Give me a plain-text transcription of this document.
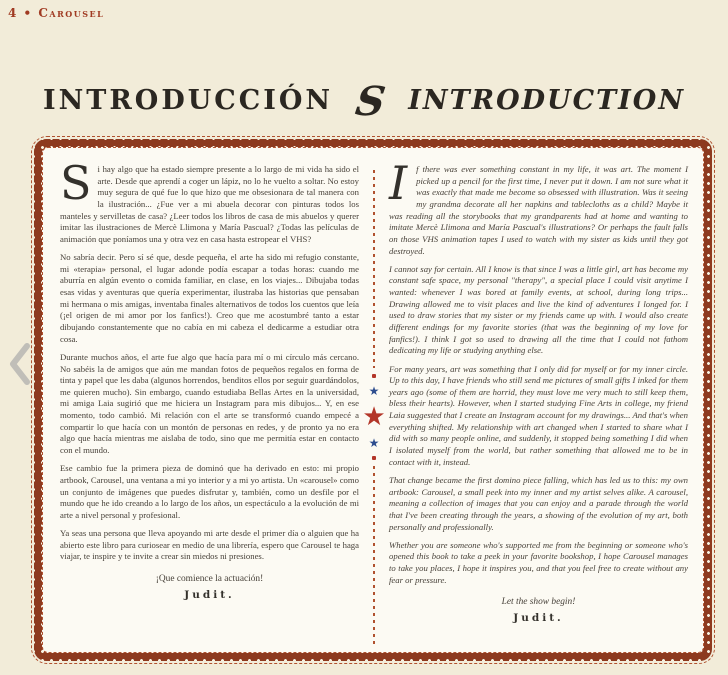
4 • Carousel
INTRODUCCIÓN S INTRODUCTION

Si hay algo que ha estado siempre presente a lo largo de mi vida ha sido el arte. Desde que aprendí a coger un lápiz, no lo he vuelto a soltar. No estoy muy segura de qué fue lo que hizo que me obsesionara de tal manera con la ilustración... ¿Fue ver a mi abuela decorar con pinturas todos los manteles y servilletas de casa? ¿Leer todos los libros de casa de mis abuelos y querer imitar las ilustraciones de Mercè Llimona y María Pascual? ¿Todas las películas de animación que poníamos una y otra vez en casa hasta estropear el VHS?

No sabría decir. Pero sí sé que, desde pequeña, el arte ha sido mi refugio constante, mi «terapia» personal, el lugar adonde podía escapar a todas horas: cuando me aburría en algún evento o comida familiar, en clase, en los viajes... Dibujaba todas esas vidas y aventuras que quería experimentar, ilustraba las historias que pensaban mi hermana o mis amigas, inventaba finales alternativos de todos los cuentos que leía (¡el origen de mi amor por los fanfics!). Creo que me acostumbré tanto a estar dibujando constantemente que no cabía en mi cabeza el dedicarme a estudiar otra cosa.

Durante muchos años, el arte fue algo que hacía para mí o mi círculo más cercano. No sabéis la de amigos que aún me mandan fotos de pequeños regalos en forma de tinta y papel que les daba (algunos horrendos, benditos ellos por seguir guardándolos, me quieren mucho). Sin embargo, cuando estudiaba Bellas Artes en la universidad, mi amiga Laia sugirió que me hiciera un Instagram para mis dibujos... Y, en ese momento, todo cambió. Mi relación con el arte se transformó cuando empecé a compartir lo que hacía con un montón de personas en redes, y de pronto ya no era algo que hacía mientras me aislaba de todo, sino que me permitía estar en contacto con el mundo.

Ese cambio fue la primera pieza de dominó que ha derivado en esto: mi propio artbook, Carousel, una ventana a mi yo interior y a mi yo artista. Un «carousel» como un conjunto de imágenes que puedes disfrutar y, también, como un desfile por el mundo que he ido creando a lo largo de los años, un espectáculo a la evolución de mi arte a nivel personal y profesional.

Ya seas una persona que lleva apoyando mi arte desde el primer día o alguien que ha abierto este libro para curiosear en medio de una librería, espero que Carousel te haga viajar, te inspire y te invite a crear sin miedos ni presiones.

¡Que comience la actuación!

Judit.

★
★
★

I	f there was ever something constant in my life, it was art. The moment I picked up a pencil for the first time, I never put it down. I am not sure what it was exactly that made me become so obsessed with illustration. Was it seeing my grandma decorate all her napkins and tablecloths as a child? Maybe it was reading all the storybooks that my grandparents had at home and wanting to imitate Mercè Llimona and María Pascual's illustrations? Or perhaps the fault falls on those VHS animation tapes I used to watch with my sister as kids until they got destroyed.

I cannot say for certain. All I know is that since I was a little girl, art has become my constant safe space, my personal "therapy", a special place I could visit anytime I wanted: whenever I was bored at family events, at school, during long trips... Drawing allowed me to visit places and live the kind of adventures I longed for. I used to draw stories that my sister or my friends came up with. I would also create different endings for my favorite stories (that was the beginning of my love for fanfics!). I think I got so used to drawing all the time that I could not fathom dedicating my life or studying anything else.

For many years, art was something that I only did for myself or for my inner circle. Up to this day, I have friends who still send me pictures of small gifts I inked for them years ago (some of them are horrid, they must love me very much to still keep them, bless their hearts). However, when I started studying Fine Arts in college, my friend Laia suggested that I create an Instagram account for my drawings... And that's when everything shifted. My relationship with art changed when I started to share what I did with so many people online, and suddenly, it stopped being something I did when I isolated myself from the world, but rather something that allowed me to be in contact with it, instead.

That change became the first domino piece falling, which has led us to this: my own artbook: Carousel, a small peek into my inner and my artist selves alike. A carousel, meaning a collection of images that you can enjoy and a parade through the world that I've been creating through the years, a showing of the evolution of my art, both personally and professionally.

Whether you are someone who's supported me from the beginning or someone who's opened this book to take a peek in your favorite bookshop, I hope Carousel manages to take you places, I hope it inspires you, and that you feel free to create without any fear or pressure.

Let the show begin!

Judit.
